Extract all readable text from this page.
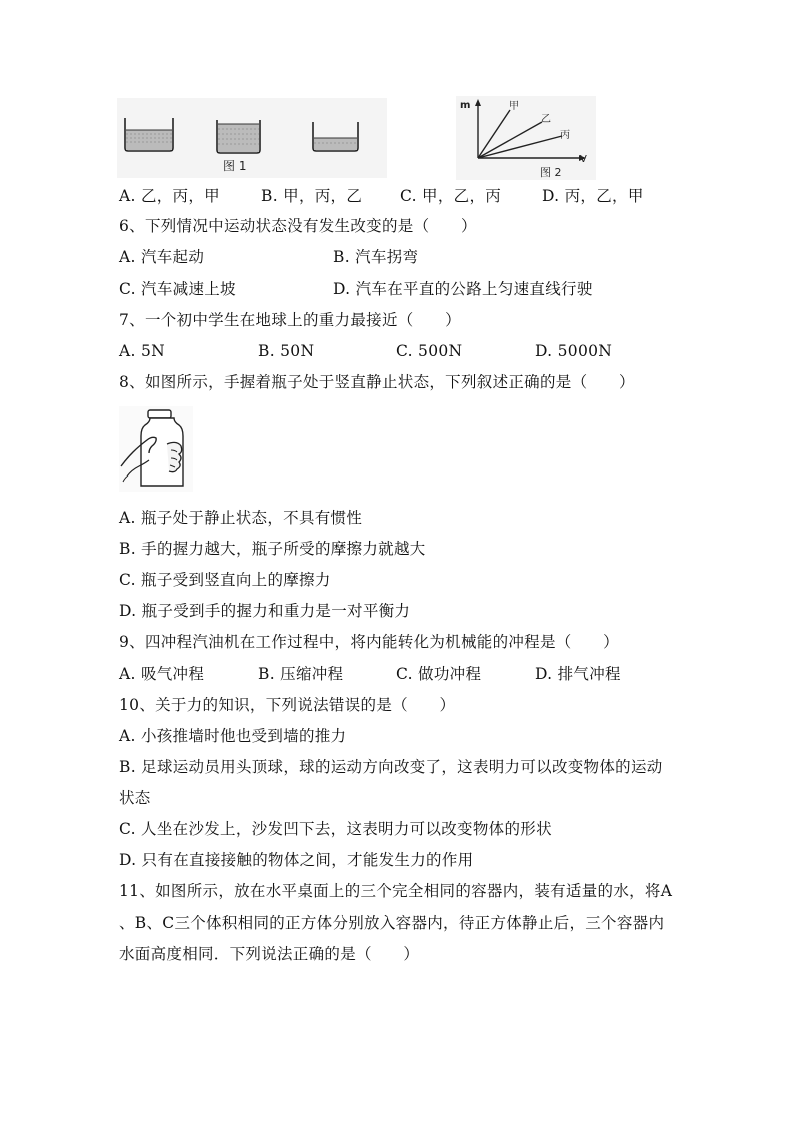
图 1
m
V
甲
乙
丙
图 2
A. 乙，丙，甲	B. 甲，丙，乙 C. 甲，乙，丙	D. 丙，乙，甲
6、下列情况中运动状态没有发生改变的是（　　）
A. 汽车起动	B. 汽车拐弯
C. 汽车减速上坡	D. 汽车在平直的公路上匀速直线行驶
7、一个初中学生在地球上的重力最接近（　　）
A. 5N	B. 50N	C. 500N	D. 5000N
8、如图所示，手握着瓶子处于竖直静止状态，下列叙述正确的是（　　）
A. 瓶子处于静止状态，不具有惯性
B. 手的握力越大，瓶子所受的摩擦力就越大
C. 瓶子受到竖直向上的摩擦力
D. 瓶子受到手的握力和重力是一对平衡力
9、四冲程汽油机在工作过程中，将内能转化为机械能的冲程是（　　）
A. 吸气冲程	B. 压缩冲程	C. 做功冲程	D. 排气冲程
10、关于力的知识，下列说法错误的是（　　）
A. 小孩推墙时他也受到墙的推力
B. 足球运动员用头顶球，球的运动方向改变了，这表明力可以改变物体的运动
状态
C. 人坐在沙发上，沙发凹下去，这表明力可以改变物体的形状
D. 只有在直接接触的物体之间，才能发生力的作用
11、如图所示，放在水平桌面上的三个完全相同的容器内，装有适量的水，将A
、B、C三个体积相同的正方体分别放入容器内，待正方体静止后，三个容器内
水面高度相同．下列说法正确的是（　　）
